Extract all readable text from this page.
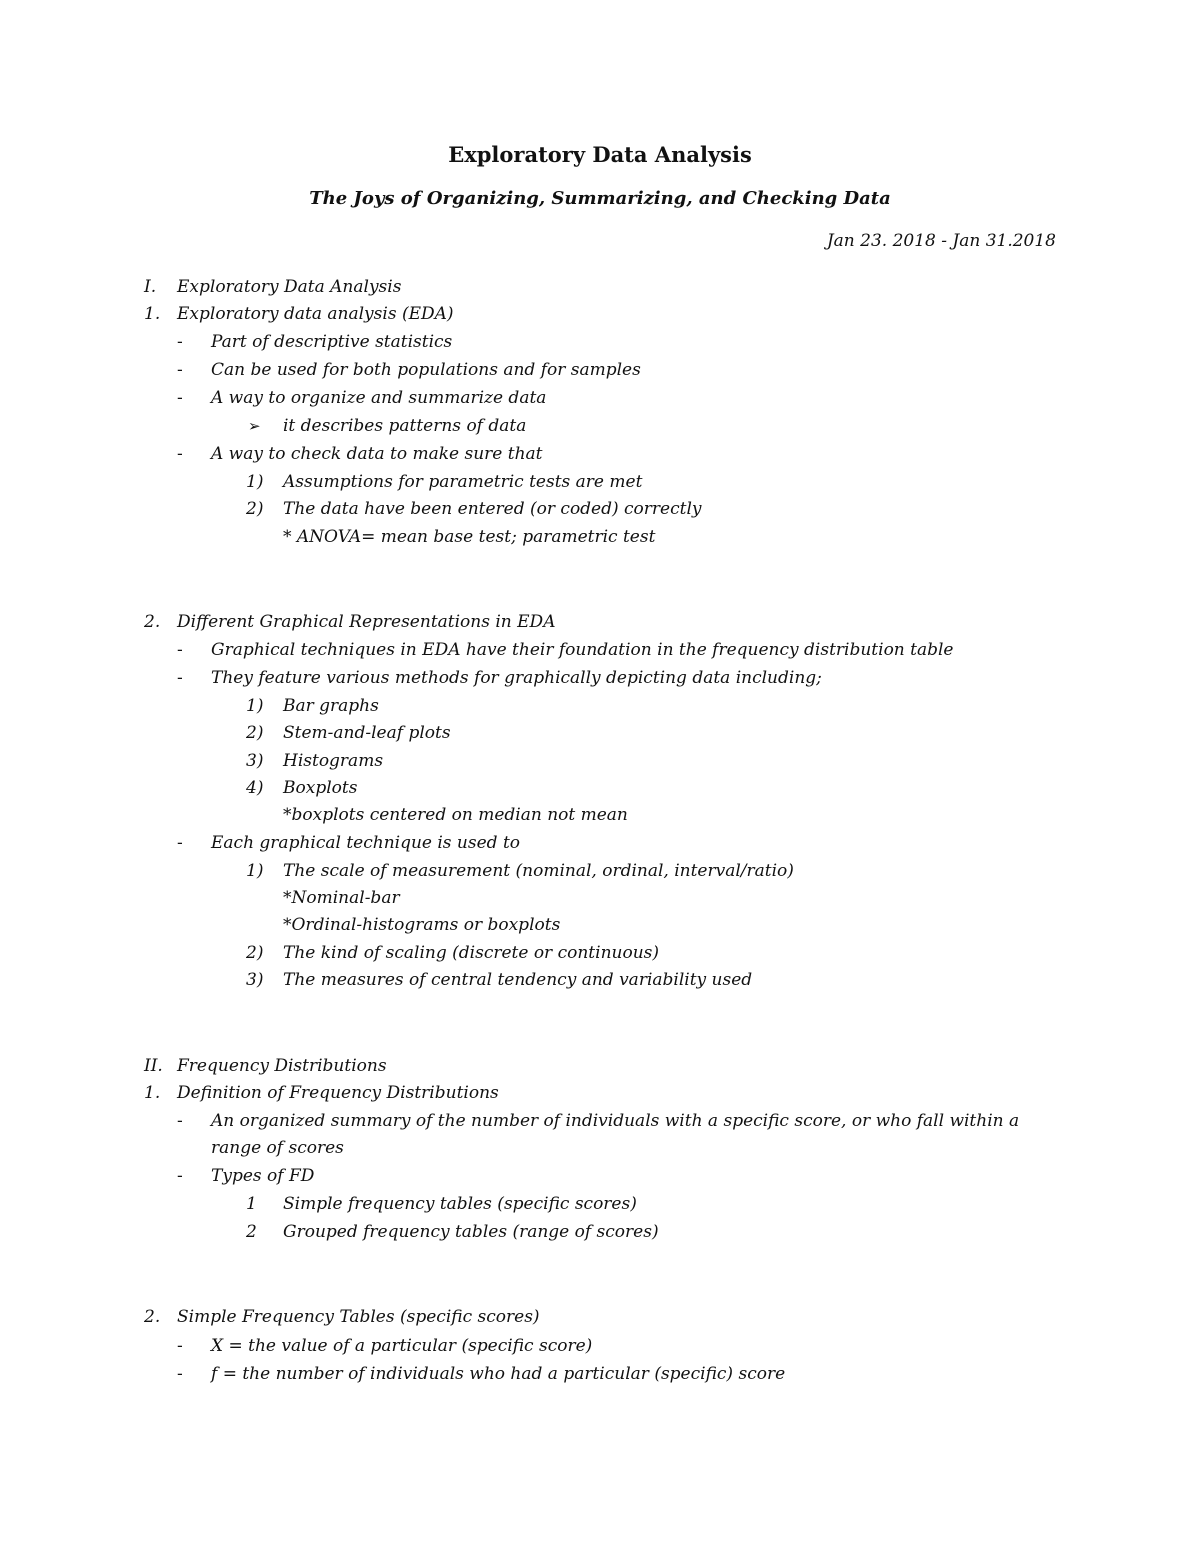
Exploratory Data Analysis
The Joys of Organizing, Summarizing, and Checking Data
Jan 23. 2018 - Jan 31.2018
I. Exploratory Data Analysis
1. Exploratory data analysis (EDA)
- Part of descriptive statistics
- Can be used for both populations and for samples
- A way to organize and summarize data
➢ it describes patterns of data
- A way to check data to make sure that
1) Assumptions for parametric tests are met
2) The data have been entered (or coded) correctly
* ANOVA= mean base test; parametric test
2. Different Graphical Representations in EDA
- Graphical techniques in EDA have their foundation in the frequency distribution table
- They feature various methods for graphically depicting data including;
1) Bar graphs
2) Stem-and-leaf plots
3) Histograms
4) Boxplots
*boxplots centered on median not mean
- Each graphical technique is used to
1) The scale of measurement (nominal, ordinal, interval/ratio)
*Nominal-bar
*Ordinal-histograms or boxplots
2) The kind of scaling (discrete or continuous)
3) The measures of central tendency and variability used
II. Frequency Distributions
1. Definition of Frequency Distributions
- An organized summary of the number of individuals with a specific score, or who fall within a
range of scores
- Types of FD
1 Simple frequency tables (specific scores)
2 Grouped frequency tables (range of scores)
2. Simple Frequency Tables (specific scores)
- X = the value of a particular (specific score)
- f = the number of individuals who had a particular (specific) score
